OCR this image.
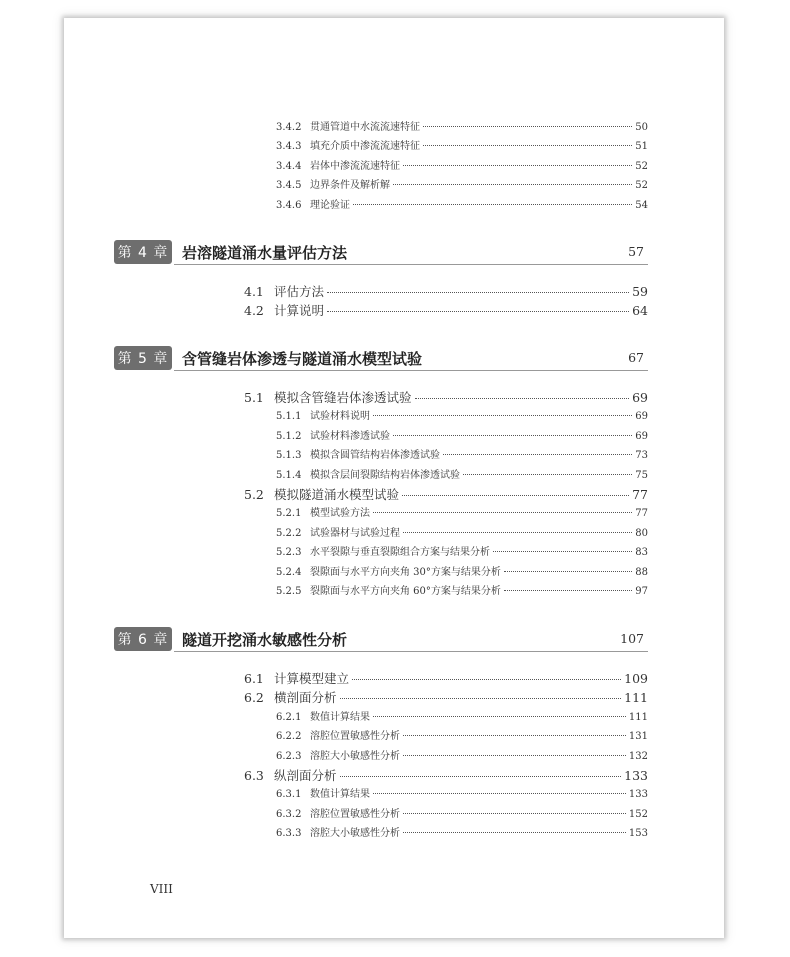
3.4.2 贯通管道中水流流速特征	50
3.4.3 填充介质中渗流流速特征	51
3.4.4 岩体中渗流流速特征	52
3.4.5 边界条件及解析解	52
3.4.6 理论验证	54
第 4 章 岩溶隧道涌水量评估方法	57
4.1 评估方法	59
4.2 计算说明	64
第 5 章 含管缝岩体渗透与隧道涌水模型试验	67
5.1 模拟含管缝岩体渗透试验	69
5.1.1 试验材料说明	69
5.1.2 试验材料渗透试验	69
5.1.3 模拟含圆管结构岩体渗透试验	73
5.1.4 模拟含层间裂隙结构岩体渗透试验	75
5.2 模拟隧道涌水模型试验	77
5.2.1 模型试验方法	77
5.2.2 试验器材与试验过程	80
5.2.3 水平裂隙与垂直裂隙组合方案与结果分析	83
5.2.4 裂隙面与水平方向夹角 30°方案与结果分析	88
5.2.5 裂隙面与水平方向夹角 60°方案与结果分析	97
第 6 章 隧道开挖涌水敏感性分析	107
6.1 计算模型建立	109
6.2 横剖面分析	111
6.2.1 数值计算结果	111
6.2.2 溶腔位置敏感性分析	131
6.2.3 溶腔大小敏感性分析	132
6.3 纵剖面分析	133
6.3.1 数值计算结果	133
6.3.2 溶腔位置敏感性分析	152
6.3.3 溶腔大小敏感性分析	153
VIII
